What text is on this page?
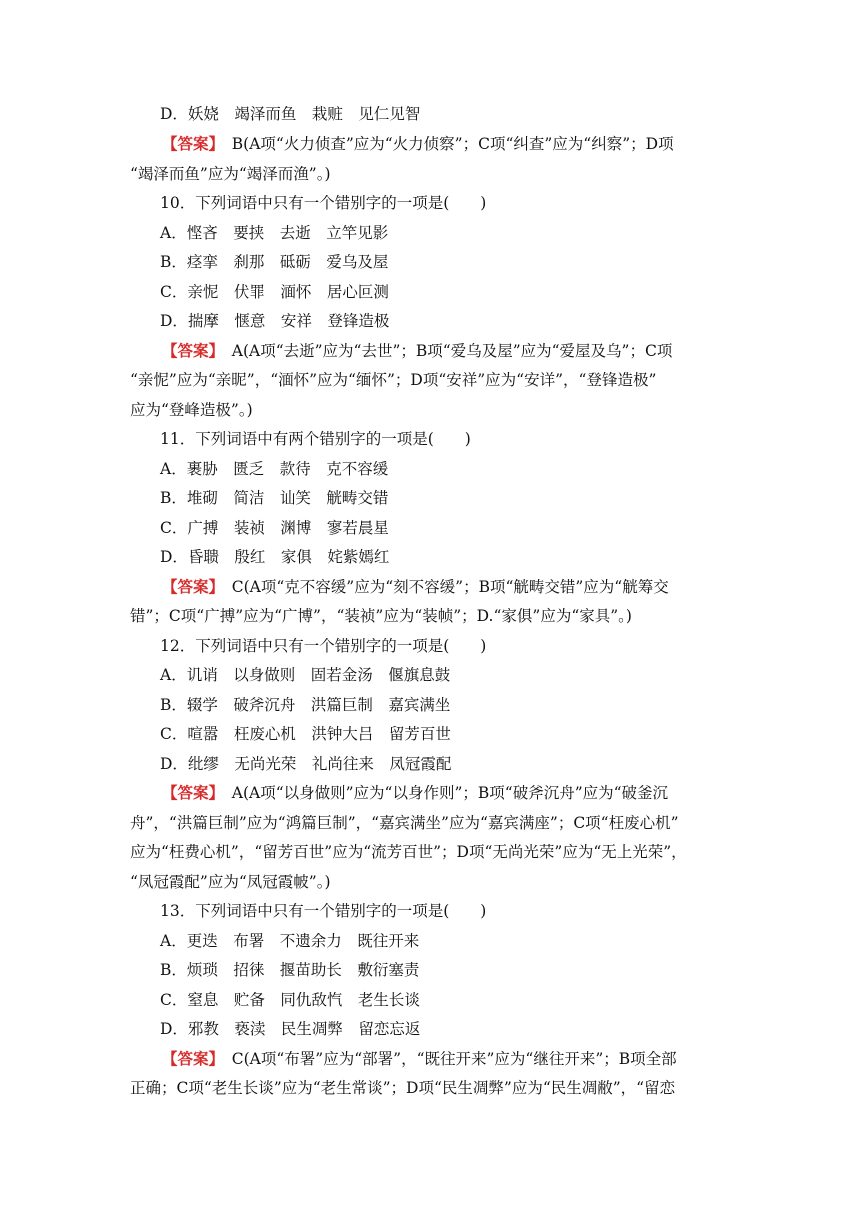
D．妖娆　竭泽而鱼　栽赃　见仁见智
【答案】　B(A项“火力侦查”应为“火力侦察”；C项“纠查”应为“纠察”；D项
“竭泽而鱼”应为“竭泽而渔”。)
10．下列词语中只有一个错别字的一项是(　　)
A．悭吝　要挟　去逝　立竿见影
B．痉挛　刹那　砥砺　爱乌及屋
C．亲怩　伏罪　湎怀　居心叵测
D．揣摩　惬意　安祥　登锋造极
【答案】　A(A项“去逝”应为“去世”；B项“爱乌及屋”应为“爱屋及乌”；C项
“亲怩”应为“亲昵”，“湎怀”应为“缅怀”；D项“安祥”应为“安详”，“登锋造极”
应为“登峰造极”。)
11．下列词语中有两个错别字的一项是(　　)
A．裹胁　匮乏　款待　克不容缓
B．堆砌　简洁　讪笑　觥畴交错
C．广搏　装祯　渊博　寥若晨星
D．昏聩　殷红　家俱　姹紫嫣红
【答案】　C(A项“克不容缓”应为“刻不容缓”；B项“觥畴交错”应为“觥筹交
错”；C项“广搏”应为“广博”，“装祯”应为“装帧”；D.“家俱”应为“家具”。)
12．下列词语中只有一个错别字的一项是(　　)
A．讥诮　以身做则　固若金汤　偃旗息鼓
B．辍学　破斧沉舟　洪篇巨制　嘉宾满坐
C．喧嚣　枉废心机　洪钟大吕　留芳百世
D．纰缪　无尚光荣　礼尚往来　凤冠霞配
【答案】　A(A项“以身做则”应为“以身作则”；B项“破斧沉舟”应为“破釜沉
舟”，“洪篇巨制”应为“鸿篇巨制”，“嘉宾满坐”应为“嘉宾满座”；C项“枉废心机”
应为“枉费心机”，“留芳百世”应为“流芳百世”；D项“无尚光荣”应为“无上光荣”，
“凤冠霞配”应为“凤冠霞帔”。)
13．下列词语中只有一个错别字的一项是(　　)
A．更迭　布署　不遗余力　既往开来
B．烦琐　招徕　揠苗助长　敷衍塞责
C．窒息　贮备　同仇敌忾　老生长谈
D．邪教　亵渎　民生凋弊　留恋忘返
【答案】　C(A项“布署”应为“部署”，“既往开来”应为“继往开来”；B项全部
正确；C项“老生长谈”应为“老生常谈”；D项“民生凋弊”应为“民生凋敝”，“留恋
